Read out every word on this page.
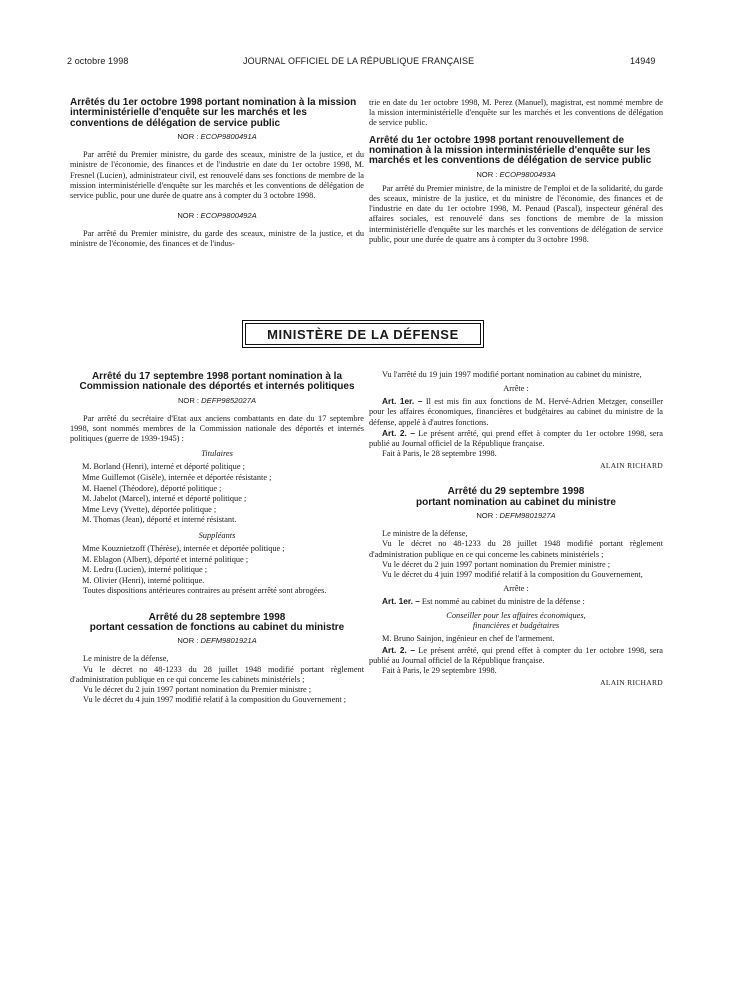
2 octobre 1998	JOURNAL OFFICIEL DE LA RÉPUBLIQUE FRANÇAISE	14949

Arrêtés du 1er octobre 1998 portant nomination à la mission interministérielle d'enquête sur les marchés et les conventions de délégation de service public

NOR : ECOP9800491A

Par arrêté du Premier ministre, du garde des sceaux, ministre de la justice, et du ministre de l'économie, des finances et de l'industrie en date du 1er octobre 1998, M. Fresnel (Lucien), administrateur civil, est renouvelé dans ses fonctions de membre de la mission interministérielle d'enquête sur les marchés et les conventions de délégation de service public, pour une durée de quatre ans à compter du 3 octobre 1998.

NOR : ECOP9800492A

Par arrêté du Premier ministre, du garde des sceaux, ministre de la justice, et du ministre de l'économie, des finances et de l'indus-

trie en date du 1er octobre 1998, M. Perez (Manuel), magistrat, est nommé membre de la mission interministérielle d'enquête sur les marchés et les conventions de délégation de service public.

Arrêté du 1er octobre 1998 portant renouvellement de nomination à la mission interministérielle d'enquête sur les marchés et les conventions de délégation de service public

NOR : ECOP9800493A

Par arrêté du Premier ministre, de la ministre de l'emploi et de la solidarité, du garde des sceaux, ministre de la justice, et du ministre de l'économie, des finances et de l'industrie en date du 1er octobre 1998, M. Penaud (Pascal), inspecteur général des affaires sociales, est renouvelé dans ses fonctions de membre de la mission interministérielle d'enquête sur les marchés et les conventions de délégation de service public, pour une durée de quatre ans à compter du 3 octobre 1998.

MINISTÈRE DE LA DÉFENSE

Arrêté du 17 septembre 1998 portant nomination à la Commission nationale des déportés et internés politiques

NOR : DEFP9852027A

Par arrêté du secrétaire d'Etat aux anciens combattants en date du 17 septembre 1998, sont nommés membres de la Commission nationale des déportés et internés politiques (guerre de 1939-1945) :

Titulaires

M. Borland (Henri), interné et déporté politique ;

Mme Guillemot (Gisèle), internée et déportée résistante ;

M. Haenel (Théodore), déporté politique ;

M. Jabelot (Marcel), interné et déporté politique ;

Mme Levy (Yvette), déportée politique ;

M. Thomas (Jean), déporté et interné résistant.

Suppléants

Mme Kouznietzoff (Thérèse), internée et déportée politique ;

M. Eblagon (Albert), déporté et interné politique ;

M. Ledru (Lucien), interné politique ;

M. Olivier (Henri), interné politique.

Toutes dispositions antérieures contraires au présent arrêté sont abrogées.

Arrêté du 28 septembre 1998

portant cessation de fonctions au cabinet du ministre

NOR : DEFM9801921A

Le ministre de la défense,

Vu le décret no 48-1233 du 28 juillet 1948 modifié portant règlement d'administration publique en ce qui concerne les cabinets ministériels ;

Vu le décret du 2 juin 1997 portant nomination du Premier ministre ;

Vu le décret du 4 juin 1997 modifié relatif à la composition du Gouvernement ;

Vu l'arrêté du 19 juin 1997 modifié portant nomination au cabinet du ministre,

Arrête :

Art. 1er. – Il est mis fin aux fonctions de M. Hervé-Adrien Metzger, conseiller pour les affaires économiques, financières et budgétaires au cabinet du ministre de la défense, appelé à d'autres fonctions.

Art. 2. – Le présent arrêté, qui prend effet à compter du 1er octobre 1998, sera publié au Journal officiel de la République française.

Fait à Paris, le 28 septembre 1998.

ALAIN RICHARD

Arrêté du 29 septembre 1998

portant nomination au cabinet du ministre

NOR : DEFM9801927A

Le ministre de la défense,

Vu le décret no 48-1233 du 28 juillet 1948 modifié portant règlement d'administration publique en ce qui concerne les cabinets ministériels ;

Vu le décret du 2 juin 1997 portant nomination du Premier ministre ;

Vu le décret du 4 juin 1997 modifié relatif à la composition du Gouvernement,

Arrête :

Art. 1er. – Est nommé au cabinet du ministre de la défense :

Conseiller pour les affaires économiques,

financières et budgétaires

M. Bruno Sainjon, ingénieur en chef de l'armement.

Art. 2. – Le présent arrêté, qui prend effet à compter du 1er octobre 1998, sera publié au Journal officiel de la République française.

Fait à Paris, le 29 septembre 1998.

ALAIN RICHARD
